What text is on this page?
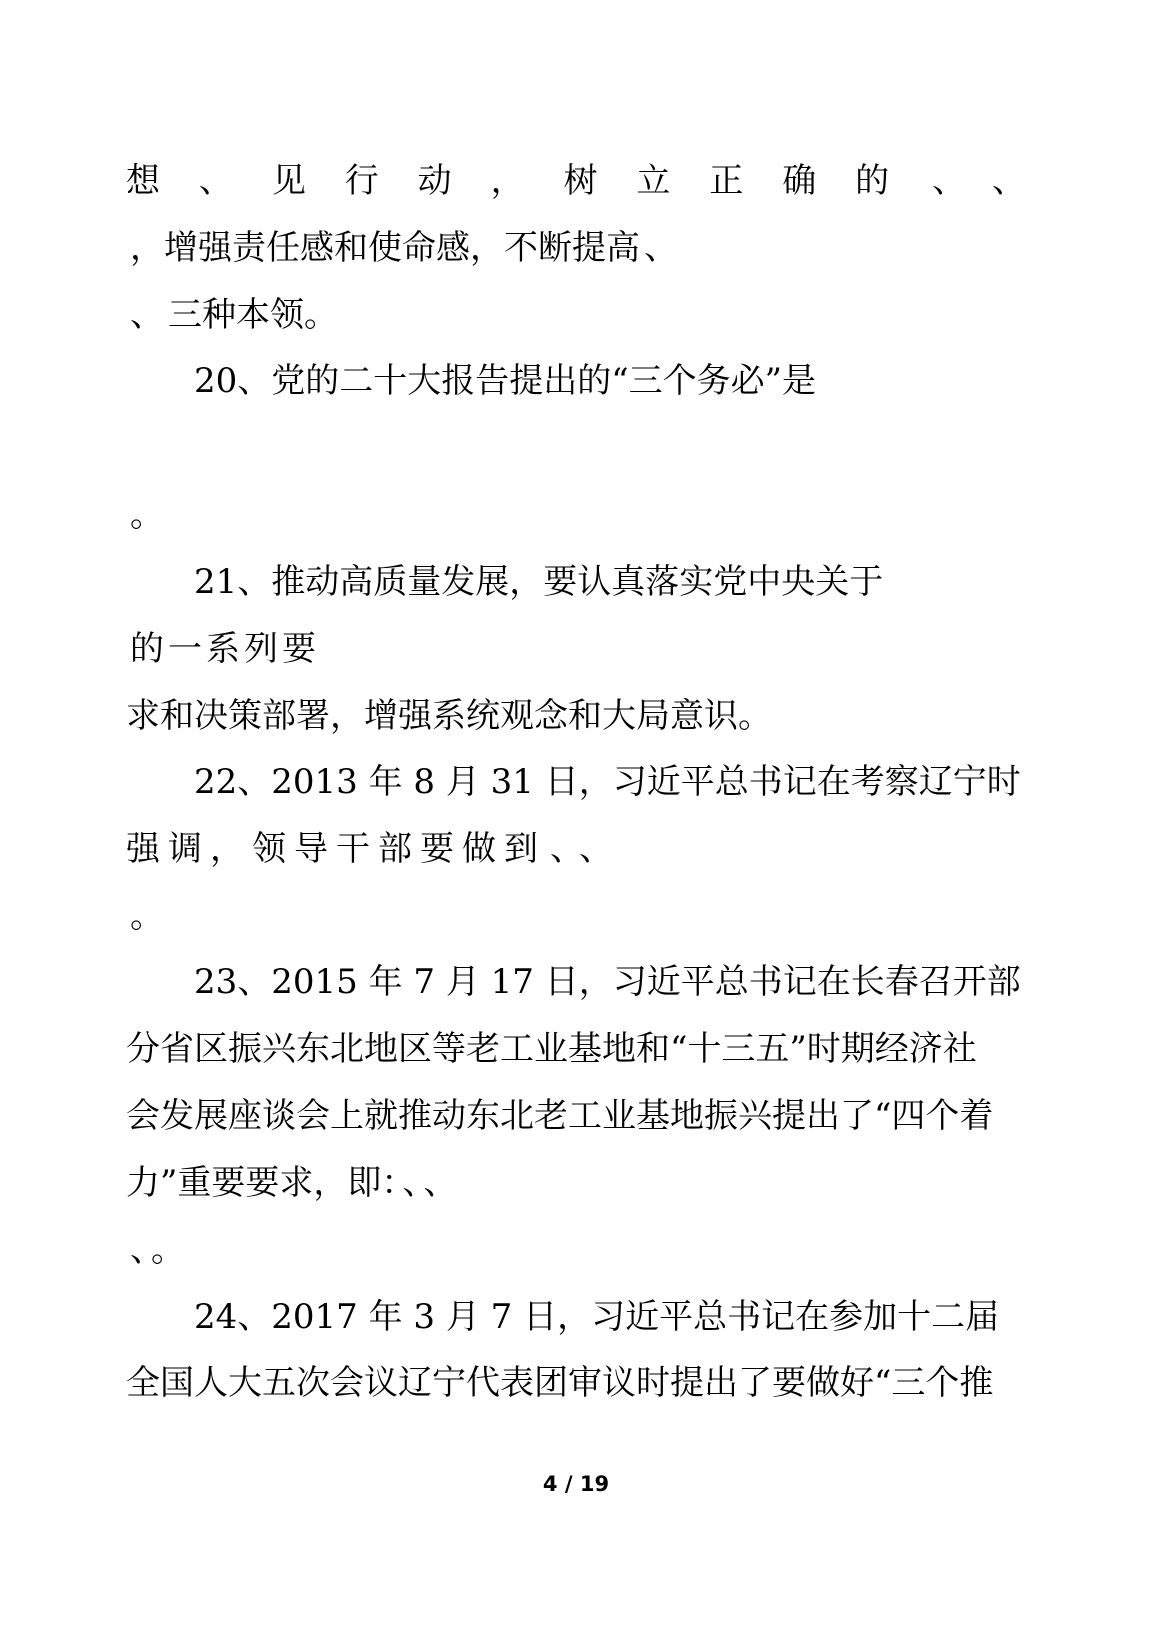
想、见行动，树立正确的 、 、
，增强责任感和使命感，不断提高 、
、 三种本领。
20、党的二十大报告提出的“三个务必”是
。
21、推动高质量发展，要认真落实党中央关于
的一系列要
求和决策部署，增强系统观念和大局意识。
22、2013 年 8 月 31 日，习近平总书记在考察辽宁时
强调，领导干部要做到 、 、
。
23、2015 年 7 月 17 日，习近平总书记在长春召开部
分省区振兴东北地区等老工业基地和“十三五”时期经济社
会发展座谈会上就推动东北老工业基地振兴提出了“四个着
力”重要要求，即： 、 、
、 。
24、2017 年 3 月 7 日，习近平总书记在参加十二届
全国人大五次会议辽宁代表团审议时提出了要做好“三个推
4 / 19
